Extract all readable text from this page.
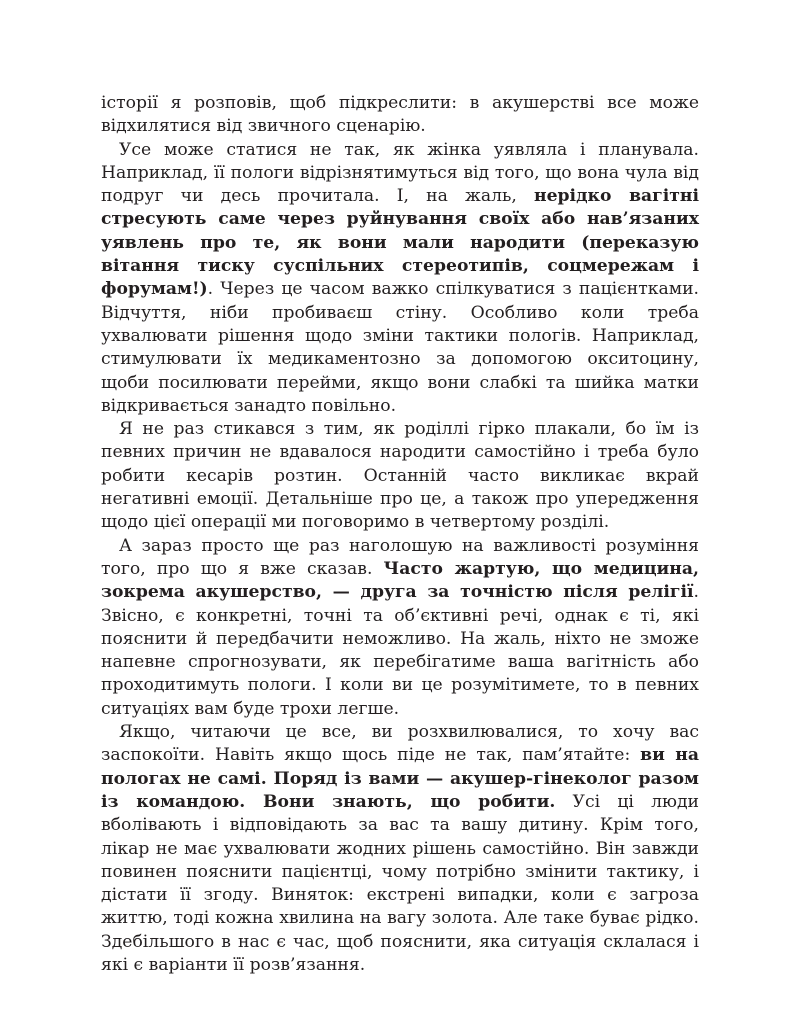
історії я розповів, щоб підкреслити: в акушерстві все може відхилятися від звичного сценарію.

Усе може статися не так, як жінка уявляла і планувала. Наприклад, її пологи відрізнятимуться від того, що вона чула від подруг чи десь прочитала. І, на жаль, нерідко вагітні стресують саме через руйнування своїх або нав’язаних уявлень про те, як вони мали народити (переказую вітання тиску суспільних стереотипів, соцмережам і форумам!). Через це часом важко спілкуватися з пацієнтками. Відчуття, ніби пробиваєш стіну. Особливо коли треба ухвалювати рішення щодо зміни тактики пологів. Наприклад, стимулювати їх медикаментозно за допомогою окситоцину, щоби посилювати перейми, якщо вони слабкі та шийка матки відкривається занадто повільно.

Я не раз стикався з тим, як роділлі гірко плакали, бо їм із певних причин не вдавалося народити самостійно і треба було робити кесарів розтин. Останній часто викликає вкрай негативні емоції. Детальніше про це, а також про упередження щодо цієї операції ми поговоримо в четвертому розділі.

А зараз просто ще раз наголошую на важливості розуміння того, про що я вже сказав. Часто жартую, що медицина, зокрема акушерство, — друга за точністю після релігії. Звісно, є конкретні, точні та об’єктивні речі, однак є ті, які пояснити й передбачити неможливо. На жаль, ніхто не зможе напевне спрогнозувати, як перебігатиме ваша вагітність або проходитимуть пологи. І коли ви це розумітимете, то в певних ситуаціях вам буде трохи легше.

Якщо, читаючи це все, ви розхвилювалися, то хочу вас заспокоїти. Навіть якщо щось піде не так, пам’ятайте: ви на пологах не самі. Поряд із вами — акушер-гінеколог разом із командою. Вони знають, що робити. Усі ці люди вболівають і відповідають за вас та вашу дитину. Крім того, лікар не має ухвалювати жодних рішень самостійно. Він завжди повинен пояснити пацієнтці, чому потрібно змінити тактику, і дістати її згоду. Виняток: екстрені випадки, коли є загроза життю, тоді кожна хвилина на вагу золота. Але таке буває рідко. Здебільшого в нас є час, щоб пояснити, яка ситуація склалася і які є варіанти її розв’язання.
